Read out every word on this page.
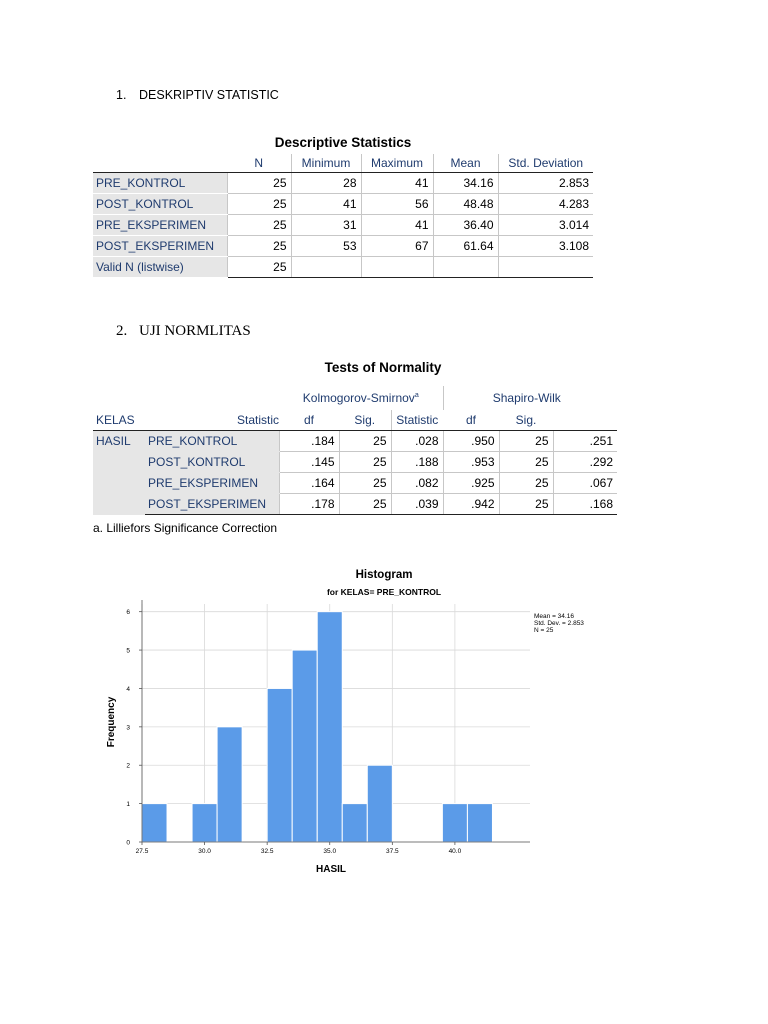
1. DESKRIPTIV STATISTIC
Descriptive Statistics
	N	Minimum	Maximum	Mean	Std. Deviation
PRE_KONTROL	25	28	41	34.16	2.853
POST_KONTROL	25	41	56	48.48	4.283
PRE_EKSPERIMEN	25	31	41	36.40	3.014
POST_EKSPERIMEN	25	53	67	61.64	3.108
Valid N (listwise)	25				
2. UJI NORMLITAS
Tests of Normality
		Kolmogorov-Smirnov$^a$			Shapiro-Wilk			
KELAS	Statistic	df	Sig.	Statistic	df	Sig.		
HASIL	PRE_KONTROL	.184	25	.028	.950	25	.251	
	POST_KONTROL	.145	25	.188	.953	25	.292	
	PRE_EKSPERIMEN	.164	25	.082	.925	25	.067	
	POST_EKSPERIMEN	.178	25	.039	.942	25	.168	
a. Lilliefors Significance Correction
Histogram
for KELAS= PRE_KONTROL
Frequency
HASIL
Mean = 34.16
Std. Dev. = 2.853
N = 25
0
1
2
3
4
5
6
27.5	30.0	32.5	35.0	37.5	40.0
